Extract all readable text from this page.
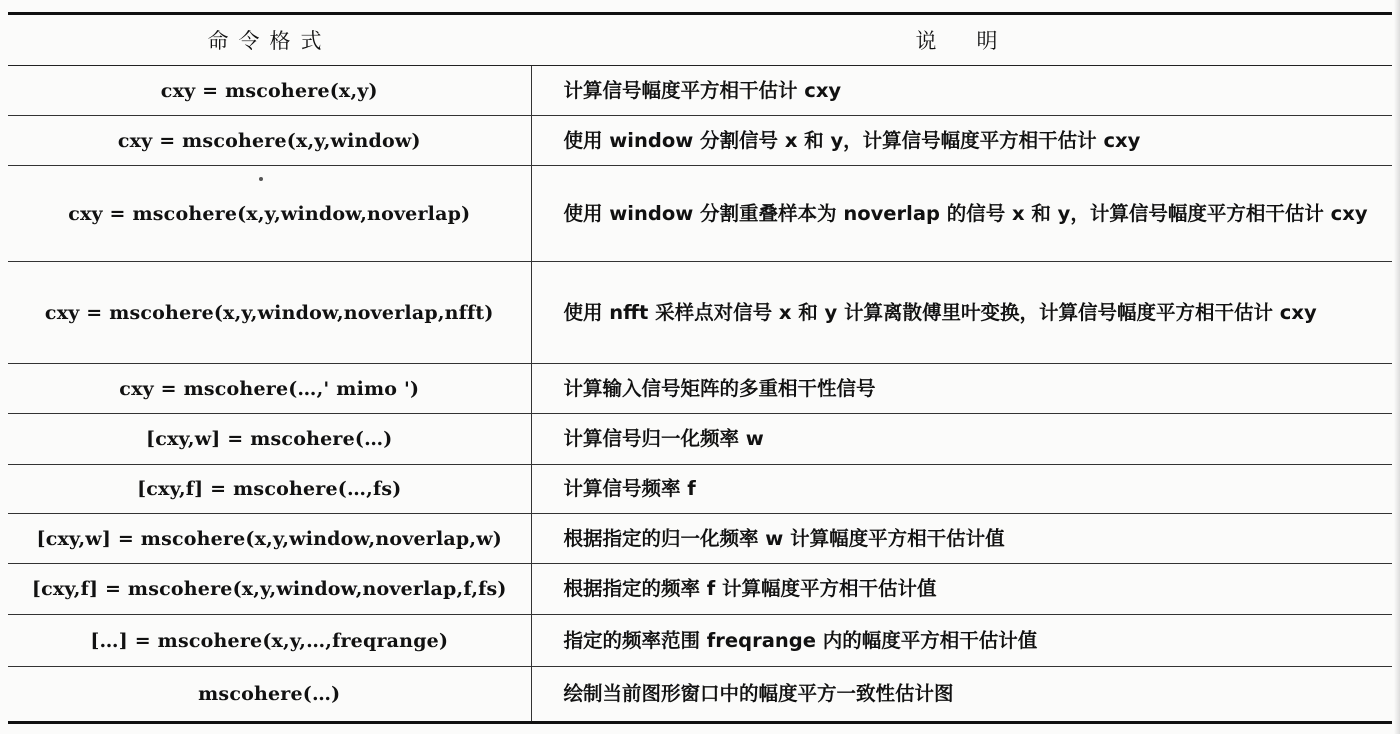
命令格式	说明
cxy = mscohere(x,y)	计算信号幅度平方相干估计 cxy
cxy = mscohere(x,y,window)	使用 window 分割信号 x 和 y，计算信号幅度平方相干估计 cxy
cxy = mscohere(x,y,window,noverlap)	使用 window 分割重叠样本为 noverlap 的信号 x 和 y，计算信号幅度平方相干估计 cxy
cxy = mscohere(x,y,window,noverlap,nfft)	使用 nfft 采样点对信号 x 和 y 计算离散傅里叶变换，计算信号幅度平方相干估计 cxy
cxy = mscohere(…,' mimo ')	计算输入信号矩阵的多重相干性信号
[cxy,w] = mscohere(…)	计算信号归一化频率 w
[cxy,f] = mscohere(…,fs)	计算信号频率 f
[cxy,w] = mscohere(x,y,window,noverlap,w)	根据指定的归一化频率 w 计算幅度平方相干估计值
[cxy,f] = mscohere(x,y,window,noverlap,f,fs)	根据指定的频率 f 计算幅度平方相干估计值
[…] = mscohere(x,y,…,freqrange)	指定的频率范围 freqrange 内的幅度平方相干估计值
mscohere(…)	绘制当前图形窗口中的幅度平方一致性估计图
